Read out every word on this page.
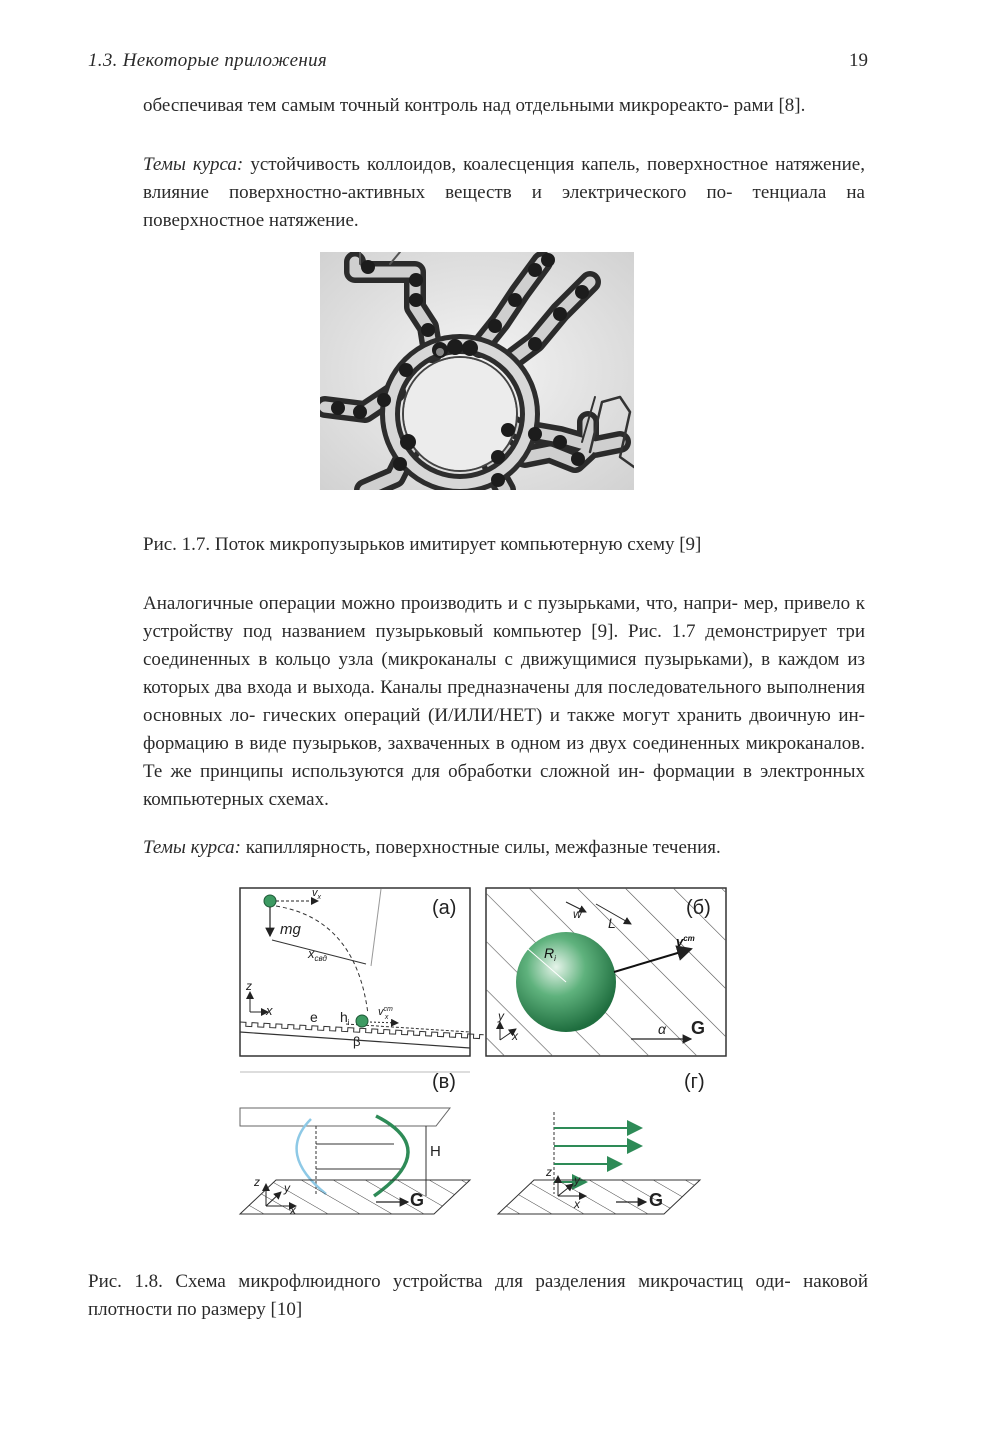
1.3. Некоторые приложения	19
обеспечивая тем самым точный контроль над отдельными микрореакто- рами [8].
Темы курса: устойчивость коллоидов, коалесценция капель, поверхностное натяжение, влияние поверхностно-активных веществ и электрического по- тенциала на поверхностное натяжение.
Рис. 1.7. Поток микропузырьков имитирует компьютерную схему [9]
Аналогичные операции можно производить и с пузырьками, что, напри- мер, привело к устройству под названием пузырьковый компьютер [9]. Рис. 1.7 демонстрирует три соединенных в кольцо узла (микроканалы с движущимися пузырьками), в каждом из которых два входа и выхода. Каналы предназначены для последовательного выполнения основных ло- гических операций (И/ИЛИ/НЕТ) и также могут хранить двоичную ин- формацию в виде пузырьков, захваченных в одном из двух соединенных микроканалов. Те же принципы используются для обработки сложной ин- формации в электронных компьютерных схемах.
Темы курса: капиллярность, поверхностные силы, межфазные течения.
(a)
$v_x$
mg
$x_{свд}$
z
x	e $h_i$
$v^{ст}$ x
β
(б)
w
L
$R_i$
$v^{ст}$
y
x	α G
(в)
H
z y
x	G
(г)
z
y
x	G
Рис. 1.8. Схема микрофлюидного устройства для разделения микрочастиц оди- наковой плотности по размеру [10]
